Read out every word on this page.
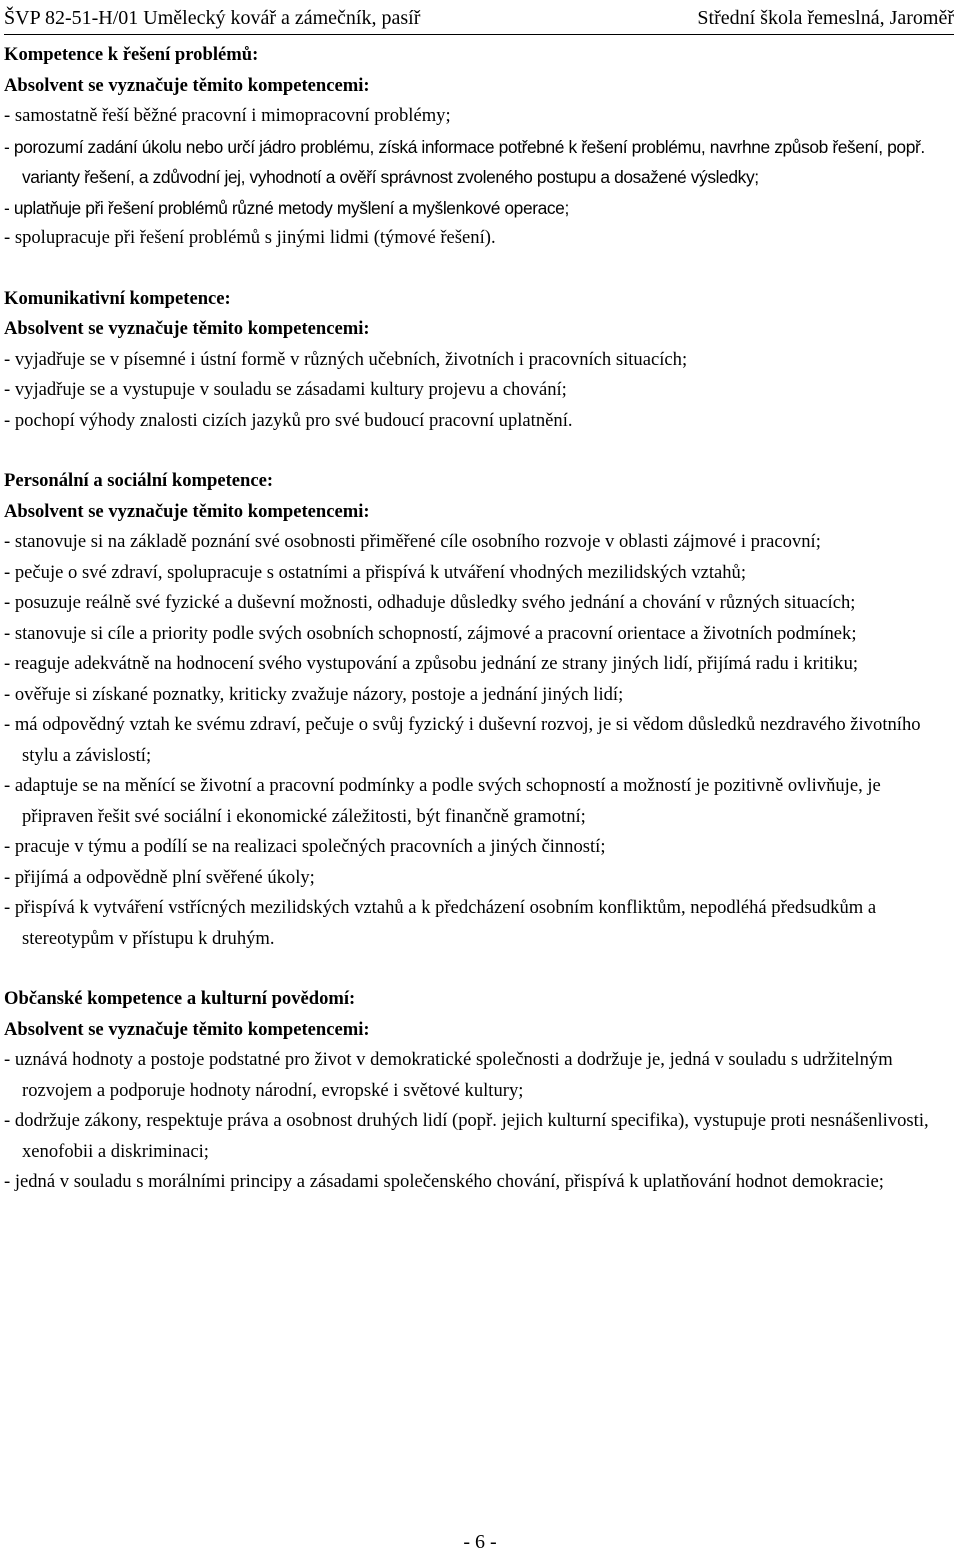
ŠVP 82-51-H/01 Umělecký kovář a zámečník, pasíř	Střední škola řemeslná, Jaroměř
Kompetence k řešení problémů:
Absolvent se vyznačuje těmito kompetencemi:
- samostatně řeší běžné pracovní i mimopracovní problémy;
- porozumí zadání úkolu nebo určí jádro problému, získá informace potřebné k řešení problému, navrhne způsob řešení, popř. varianty řešení, a zdůvodní jej, vyhodnotí a ověří správnost zvoleného postupu a dosažené výsledky;
- uplatňuje při řešení problémů různé metody myšlení a myšlenkové operace;
- spolupracuje při řešení problémů s jinými lidmi (týmové řešení).
Komunikativní kompetence:
Absolvent se vyznačuje těmito kompetencemi:
- vyjadřuje se v písemné i ústní formě v různých učebních, životních i pracovních situacích;
- vyjadřuje se a vystupuje v souladu se zásadami kultury projevu a chování;
- pochopí výhody znalosti cizích jazyků pro své budoucí pracovní uplatnění.
Personální a sociální kompetence:
Absolvent se vyznačuje těmito kompetencemi:
- stanovuje si na základě poznání své osobnosti přiměřené cíle osobního rozvoje v oblasti zájmové i pracovní;
- pečuje o své zdraví, spolupracuje s ostatními a přispívá k utváření vhodných mezilidských vztahů;
- posuzuje reálně své fyzické a duševní možnosti, odhaduje důsledky svého jednání a chování v různých situacích;
- stanovuje si cíle a priority podle svých osobních schopností, zájmové a pracovní orientace a životních podmínek;
- reaguje adekvátně na hodnocení svého vystupování a způsobu jednání ze strany jiných lidí, přijímá radu i kritiku;
- ověřuje si získané poznatky, kriticky zvažuje názory, postoje a jednání jiných lidí;
- má odpovědný vztah ke svému zdraví, pečuje o svůj fyzický i duševní rozvoj, je si vědom důsledků nezdravého životního stylu a závislostí;
- adaptuje se na měnící se životní a pracovní podmínky a podle svých schopností a možností je pozitivně ovlivňuje, je připraven řešit své sociální i ekonomické záležitosti, být finančně gramotní;
- pracuje v týmu a podílí se na realizaci společných pracovních a jiných činností;
- přijímá a odpovědně plní svěřené úkoly;
- přispívá k vytváření vstřícných mezilidských vztahů a k předcházení osobním konfliktům, nepodléhá předsudkům a stereotypům v přístupu k druhým.
Občanské kompetence a kulturní povědomí:
Absolvent se vyznačuje těmito kompetencemi:
- uznává hodnoty a postoje podstatné pro život v demokratické společnosti a dodržuje je, jedná v souladu s udržitelným rozvojem a podporuje hodnoty národní, evropské i světové kultury;
- dodržuje zákony, respektuje práva a osobnost druhých lidí (popř. jejich kulturní specifika), vystupuje proti nesnášenlivosti, xenofobii a diskriminaci;
- jedná v souladu s morálními principy a zásadami společenského chování, přispívá k uplatňování hodnot demokracie;
- 6 -
